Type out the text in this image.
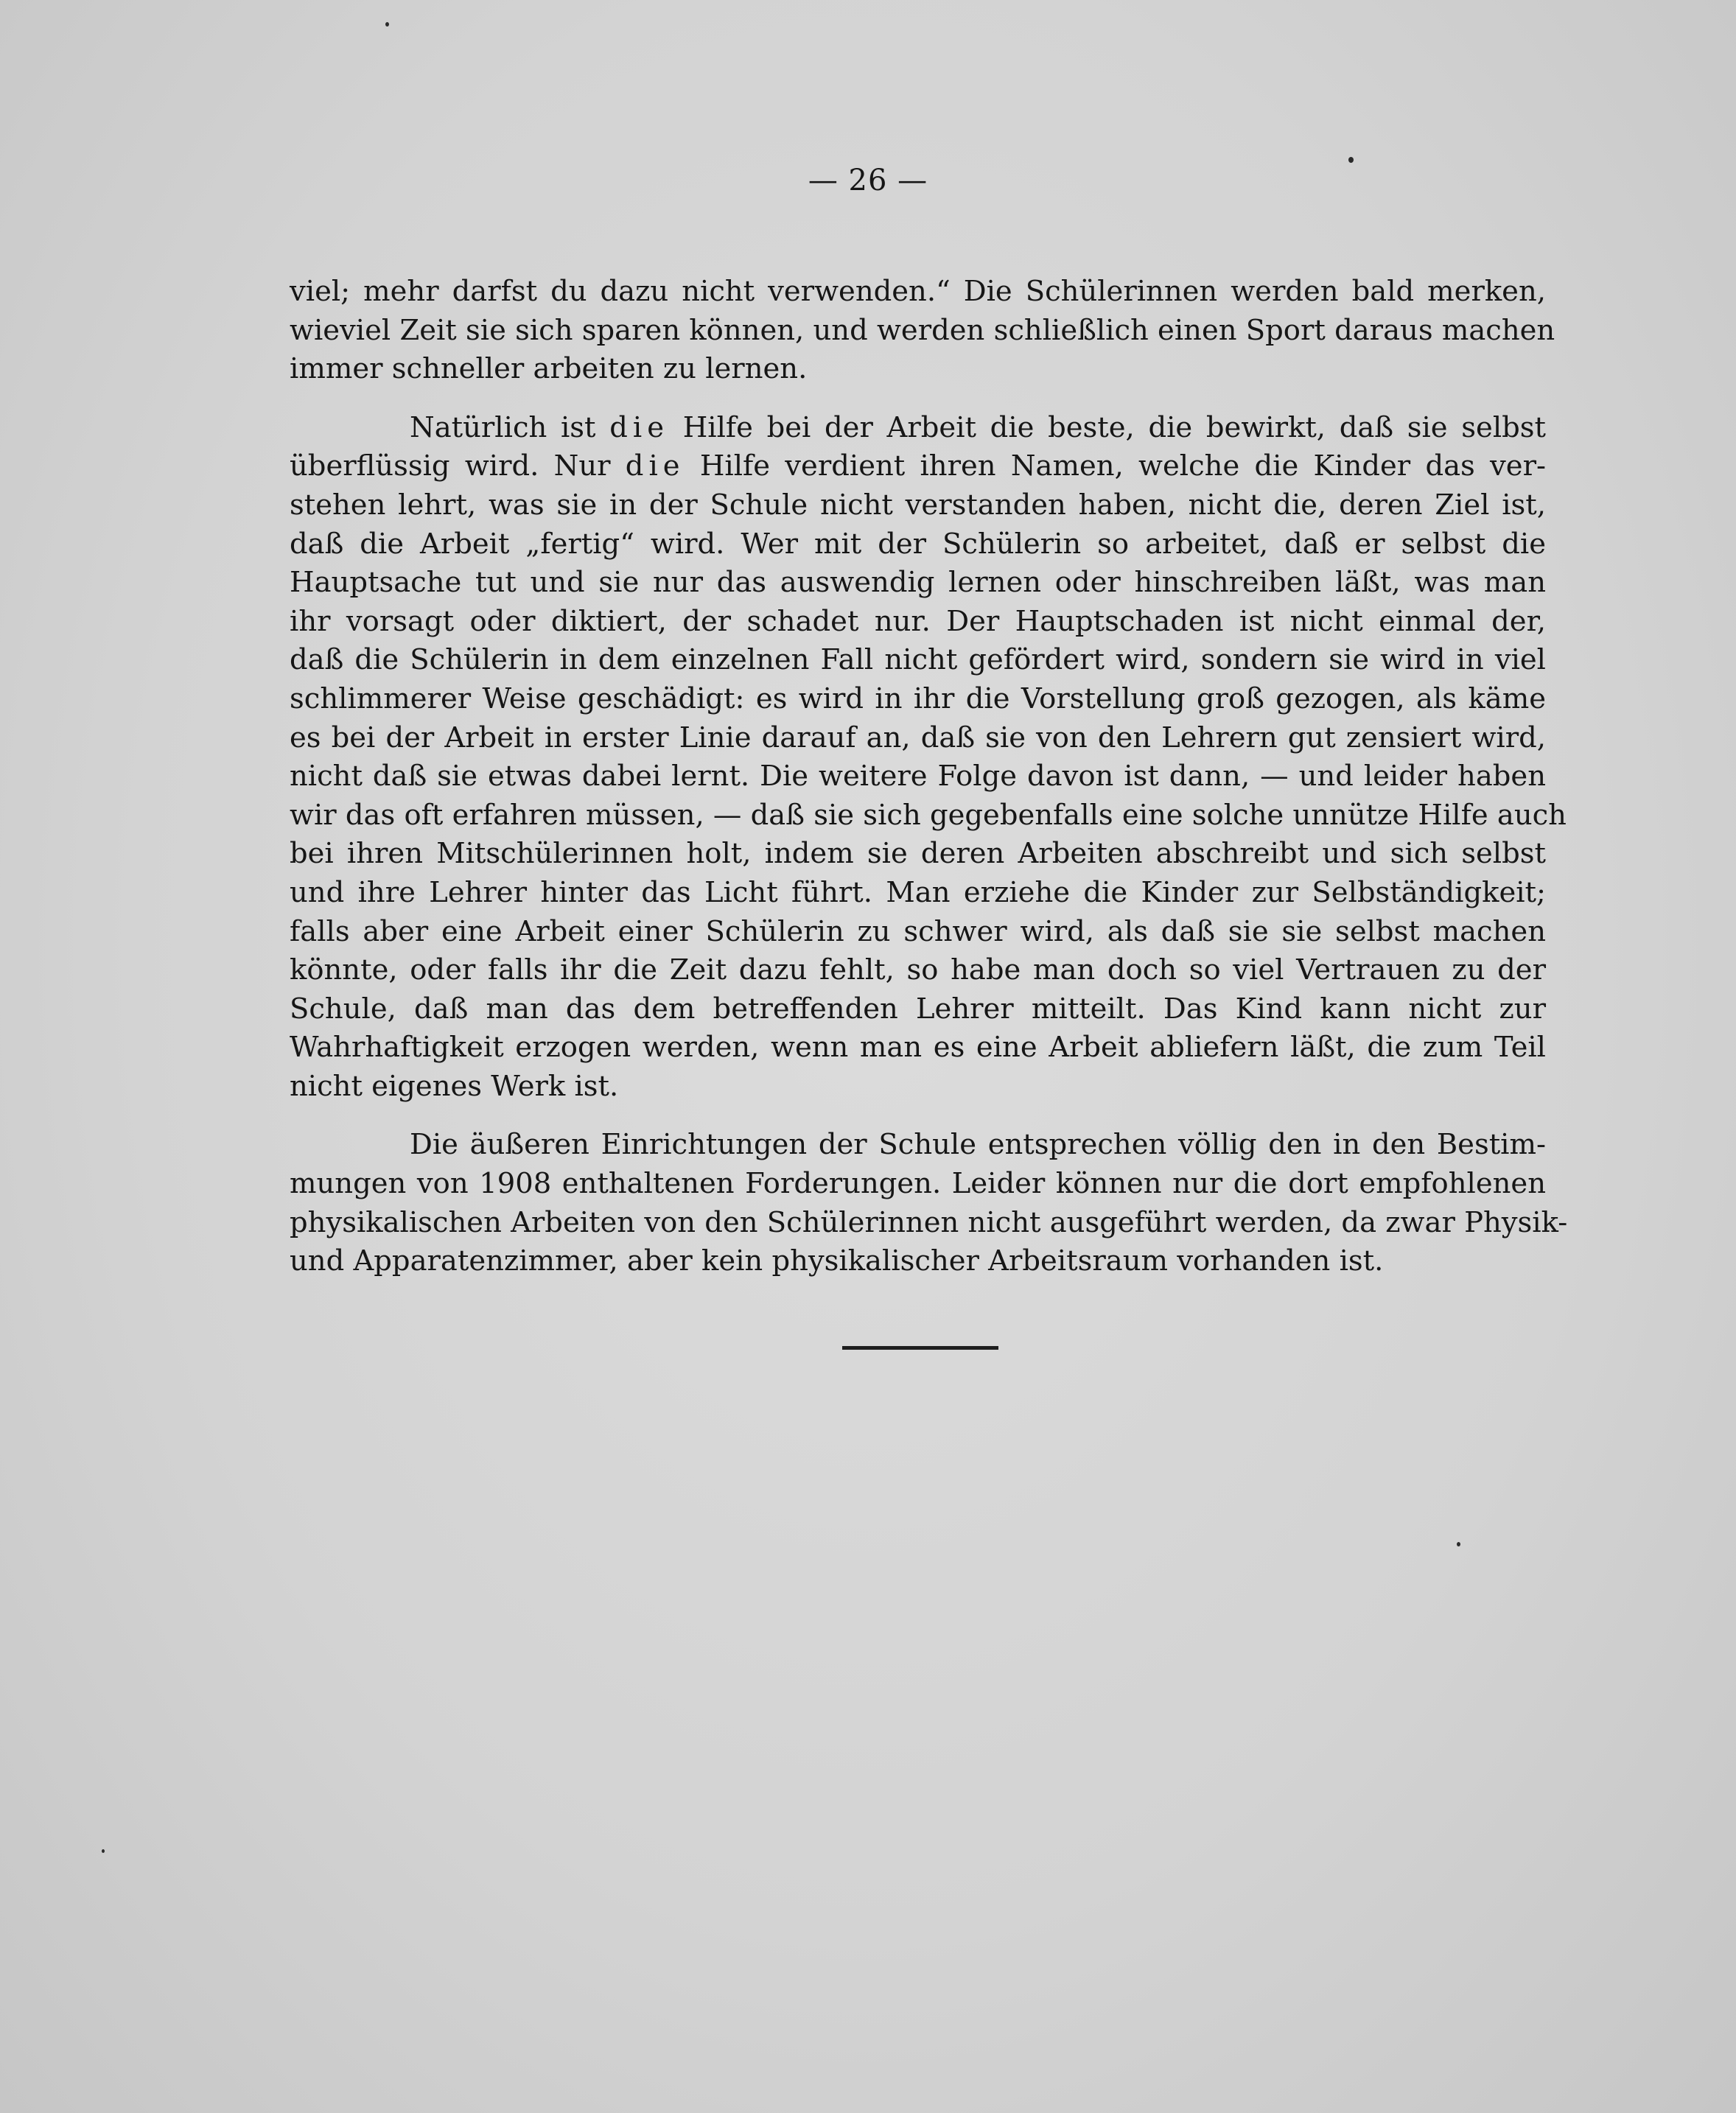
— 26 —
viel; mehr darfst du dazu nicht verwenden.“ Die Schülerinnen werden bald merken,
wieviel Zeit sie sich sparen können, und werden schließlich einen Sport daraus machen
immer schneller arbeiten zu lernen.
Natürlich ist die Hilfe bei der Arbeit die beste, die bewirkt, daß sie selbst
überflüssig wird. Nur die Hilfe verdient ihren Namen, welche die Kinder das ver-
stehen lehrt, was sie in der Schule nicht verstanden haben, nicht die, deren Ziel ist,
daß die Arbeit „fertig“ wird. Wer mit der Schülerin so arbeitet, daß er selbst die
Hauptsache tut und sie nur das auswendig lernen oder hinschreiben läßt, was man
ihr vorsagt oder diktiert, der schadet nur. Der Hauptschaden ist nicht einmal der,
daß die Schülerin in dem einzelnen Fall nicht gefördert wird, sondern sie wird in viel
schlimmerer Weise geschädigt: es wird in ihr die Vorstellung groß gezogen, als käme
es bei der Arbeit in erster Linie darauf an, daß sie von den Lehrern gut zensiert wird,
nicht daß sie etwas dabei lernt. Die weitere Folge davon ist dann, — und leider haben
wir das oft erfahren müssen, — daß sie sich gegebenfalls eine solche unnütze Hilfe auch
bei ihren Mitschülerinnen holt, indem sie deren Arbeiten abschreibt und sich selbst
und ihre Lehrer hinter das Licht führt. Man erziehe die Kinder zur Selbständigkeit;
falls aber eine Arbeit einer Schülerin zu schwer wird, als daß sie sie selbst machen
könnte, oder falls ihr die Zeit dazu fehlt, so habe man doch so viel Vertrauen zu der
Schule, daß man das dem betreffenden Lehrer mitteilt. Das Kind kann nicht zur
Wahrhaftigkeit erzogen werden, wenn man es eine Arbeit abliefern läßt, die zum Teil
nicht eigenes Werk ist.
Die äußeren Einrichtungen der Schule entsprechen völlig den in den Bestim-
mungen von 1908 enthaltenen Forderungen. Leider können nur die dort empfohlenen
physikalischen Arbeiten von den Schülerinnen nicht ausgeführt werden, da zwar Physik-
und Apparatenzimmer, aber kein physikalischer Arbeitsraum vorhanden ist.
